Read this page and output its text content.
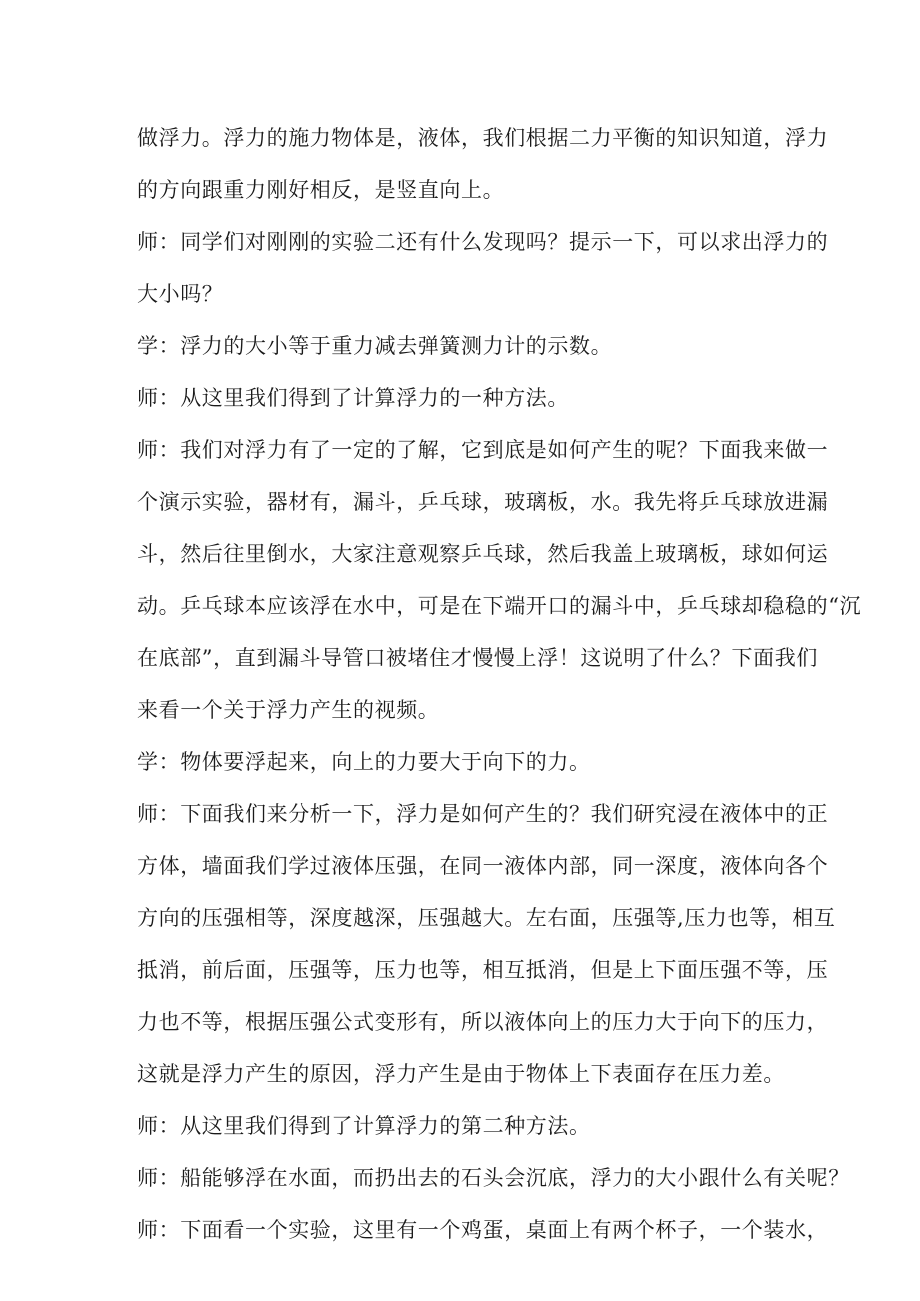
做浮力。浮力的施力物体是，液体，我们根据二力平衡的知识知道，浮力
的方向跟重力刚好相反，是竖直向上。
师：同学们对刚刚的实验二还有什么发现吗？提示一下，可以求出浮力的
大小吗？
学：浮力的大小等于重力减去弹簧测力计的示数。
师：从这里我们得到了计算浮力的一种方法。
师：我们对浮力有了一定的了解，它到底是如何产生的呢？下面我来做一
个演示实验，器材有，漏斗，乒乓球，玻璃板，水。我先将乒乓球放进漏
斗，然后往里倒水，大家注意观察乒乓球，然后我盖上玻璃板，球如何运
动。乒乓球本应该浮在水中，可是在下端开口的漏斗中，乒乓球却稳稳的“沉
在底部”，直到漏斗导管口被堵住才慢慢上浮！这说明了什么？下面我们
来看一个关于浮力产生的视频。
学：物体要浮起来，向上的力要大于向下的力。
师：下面我们来分析一下，浮力是如何产生的？我们研究浸在液体中的正
方体，墙面我们学过液体压强，在同一液体内部，同一深度，液体向各个
方向的压强相等，深度越深，压强越大。左右面，压强等,压力也等，相互
抵消，前后面，压强等，压力也等，相互抵消，但是上下面压强不等，压
力也不等，根据压强公式变形有，所以液体向上的压力大于向下的压力，
这就是浮力产生的原因，浮力产生是由于物体上下表面存在压力差。
师：从这里我们得到了计算浮力的第二种方法。
师：船能够浮在水面，而扔出去的石头会沉底，浮力的大小跟什么有关呢？
师：下面看一个实验，这里有一个鸡蛋，桌面上有两个杯子，一个装水，
